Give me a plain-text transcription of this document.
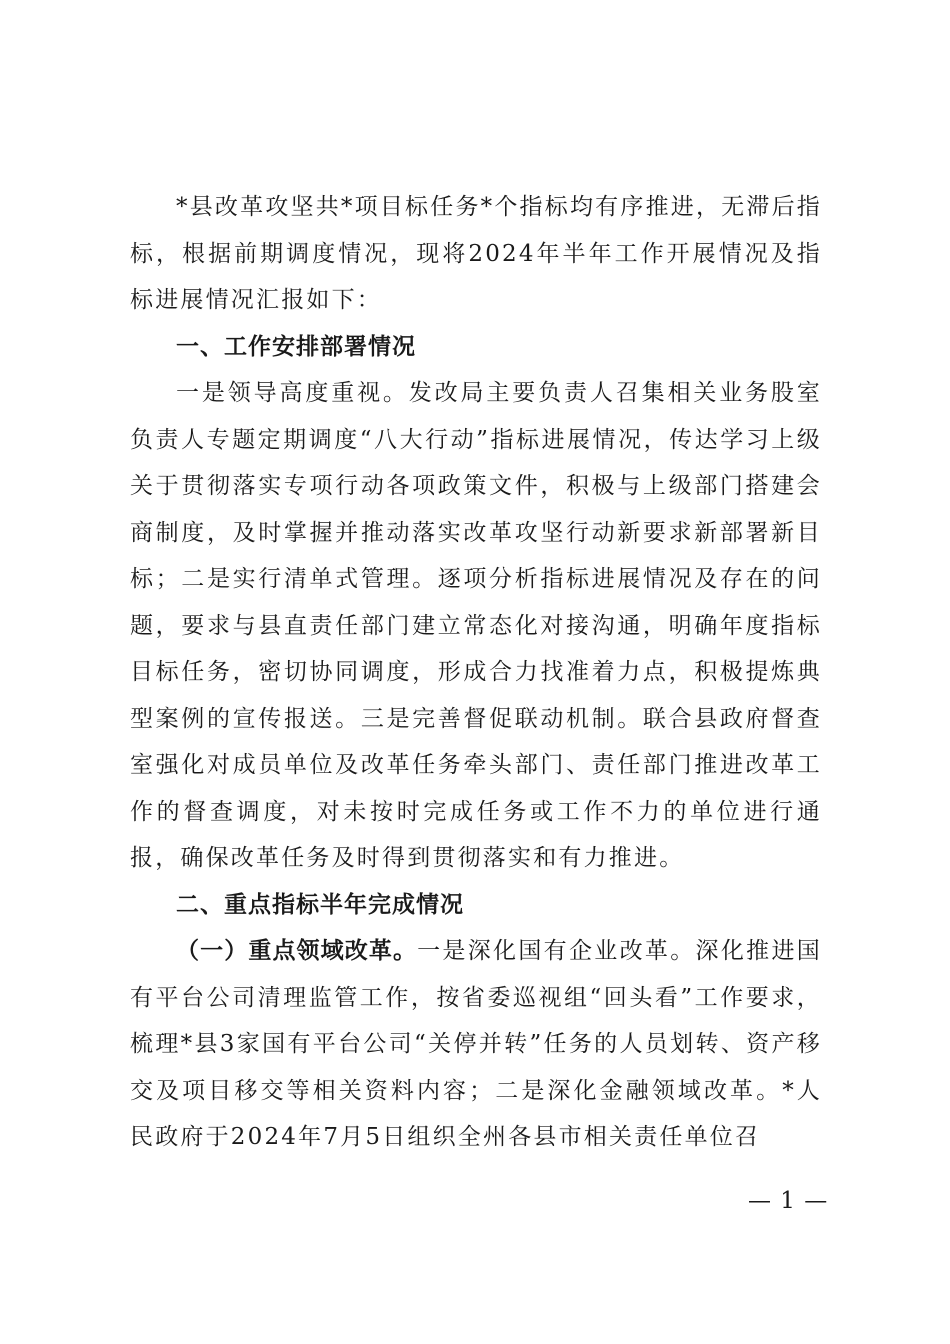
*县改革攻坚共*项目标任务*个指标均有序推进，无滞后指标，根据前期调度情况，现将2024年半年工作开展情况及指标进展情况汇报如下：

一、工作安排部署情况

一是领导高度重视。发改局主要负责人召集相关业务股室负责人专题定期调度“八大行动”指标进展情况，传达学习上级关于贯彻落实专项行动各项政策文件，积极与上级部门搭建会商制度，及时掌握并推动落实改革攻坚行动新要求新部署新目标；二是实行清单式管理。逐项分析指标进展情况及存在的问题，要求与县直责任部门建立常态化对接沟通，明确年度指标目标任务，密切协同调度，形成合力找准着力点，积极提炼典型案例的宣传报送。三是完善督促联动机制。联合县政府督查室强化对成员单位及改革任务牵头部门、责任部门推进改革工作的督查调度，对未按时完成任务或工作不力的单位进行通报，确保改革任务及时得到贯彻落实和有力推进。

二、重点指标半年完成情况

（一）重点领域改革。一是深化国有企业改革。深化推进国有平台公司清理监管工作，按省委巡视组“回头看”工作要求，梳理*县3家国有平台公司“关停并转”任务的人员划转、资产移交及项目移交等相关资料内容；二是深化金融领域改革。*人民政府于2024年7月5日组织全州各县市相关责任单位召

— 1 —
